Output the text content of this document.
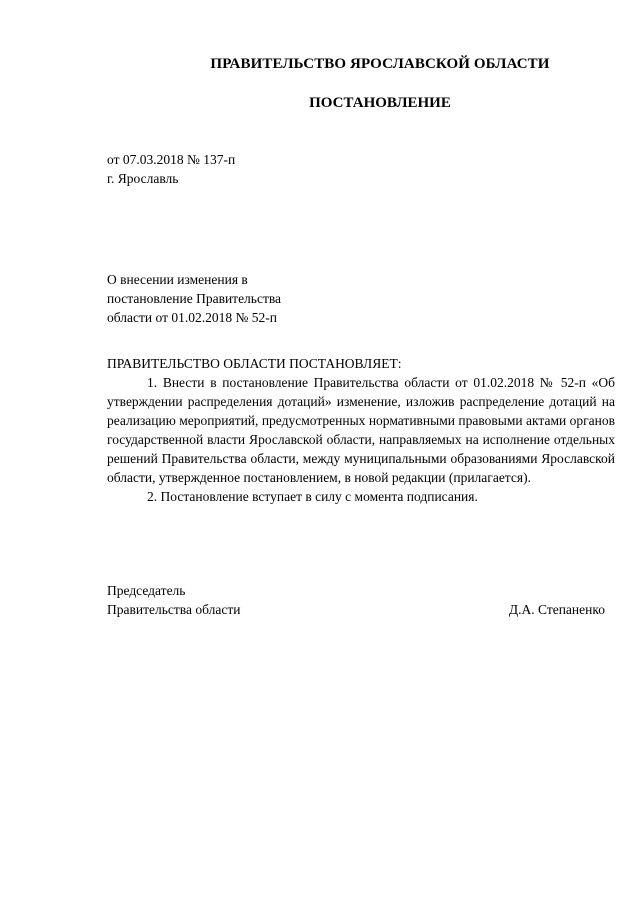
ПРАВИТЕЛЬСТВО ЯРОСЛАВСКОЙ ОБЛАСТИ
ПОСТАНОВЛЕНИЕ
от 07.03.2018 № 137-п
г. Ярославль
О внесении изменения в
постановление Правительства
области от 01.02.2018 № 52-п
ПРАВИТЕЛЬСТВО ОБЛАСТИ ПОСТАНОВЛЯЕТ:

1. Внести в постановление Правительства области от 01.02.2018 № 52-п «Об утверждении распределения дотаций» изменение, изложив распределение дотаций на реализацию мероприятий, предусмотренных нормативными правовыми актами органов государственной власти Ярославской области, направляемых на исполнение отдельных решений Правительства области, между муниципальными образованиями Ярославской области, утвержденное постановлением, в новой редакции (прилагается).

2. Постановление вступает в силу с момента подписания.

Председатель
Правительства области	Д.А. Степаненко
